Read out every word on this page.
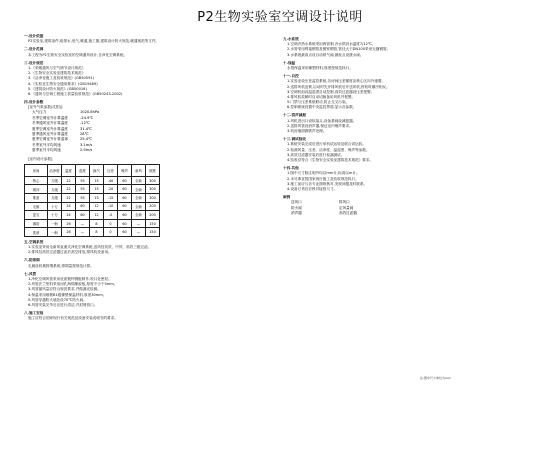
P2生物实验室空调设计说明
一.设计依据
P2实验室,建筑条件,给排水,电气,暖通,施工图,建筑设计防火规范,暖通规范等文件。
二.设计范围
本工程为P2生物安全实验室的空调通风设计,含净化空调系统。
三.设计规范
1.《采暖通风与空气调节设计规范》
2.《生物安全实验室建筑技术规范》
3.《洁净室施工及验收规范》(GB50591)
4.《实验室生物安全通用要求》(GB19489)
5.《建筑设计防火规范》(GB50016)
6.《通风与空调工程施工质量验收规范》(GB50243-2002)
四.设计参数
[室外气象参数(沈阳)]
大气压力	1020.8hPa
冬季空调室外计算温度	-24.9℃
冬季通风室外计算温度	-12℃
夏季空调室外计算温度	31.4℃
夏季通风室外计算温度	28℃
夏季空调室外计算湿球	25.4℃
冬季室外平均风速	3.1m/s
夏季室外平均风速	2.9m/s
[室内设计参数]
房间	洁净度	温度	湿度	换气	压差	噪声	新风	照度
核心	万级	22	55	15	-40	60	全新	300
缓冲	万级	22	55	15	-20	60	全新	300
准备	万级	22	55	15	-15	60	全新	300
走廊	十万	24	60	12	-10	60	全新	200
更衣	十万	24	60	12	-5	60	全新	200
淋浴	一般	26	—	8	0	60	—	150
洗消	一般	26	—	8	0	60	—	150
五.空调系统
1.实验室采用全新风直流式净化空调系统,送风经初效、中效、高效三级过滤。
2.排风经高效过滤器过滤后高空排放,排风机设备用。
六.防排烟
走廊设机械排烟系统,排烟量按规范计算。
七.风管
1.净化空调风管采用优质镀锌钢板制作,咬口处密封。
2.风管法兰垫料采用闭孔海绵橡胶板,厚度不小于5mm。
3.风管漏风量应符合规范要求,并做漏光检测。
4.保温采用难燃B1级橡塑保温材料,厚度30mm。
5.风管穿越防火墙处设70℃防火阀。
6.风管安装完毕后应进行清洁,并封堵管口。
八.施工安装
施工应符合国家现行有关规范及设备安装说明书的要求。
九.水系统
1.空调冷热水系统采用两管制,冷水供回水温度7/12℃。
2.水管采用焊接钢管及镀锌钢管,管径大于DN100采用无缝钢管。
3.水系统最高点设自动排气阀,最低点设泄水阀。
十.保温
水管保温采用橡塑材料,厚度按规范执行。
十一.自控
1.实验室设压差监控系统,各房间压差梯度由核心区向外递增。
2.送排风机连锁,启动时先开排风机后开送风机,停机时顺序相反。
3.空调机组设温湿度自动控制,高效过滤器设压差报警。
4.排风机故障时自动切换备用风机并报警。
5.门禁与压差系统联动,防止交叉污染。
6.控制系统设置中央监控界面,显示各参数。
十二.消声减振
1.风机进出口设软接头,设备基础设减振器。
2.送排风管设消声器,保证室内噪声要求。
3.机房墙面做吸声处理。
十三.调试验收
1.系统安装完成后进行单机试运转及联合试运转。
2.检测风量、压差、洁净度、温湿度、噪声等参数。
3.高效过滤器安装后进行检漏测试。
4.验收应符合《生物安全实验室建筑技术规范》要求。
十四.其他
1.图中尺寸除注明外均以mm计,标高以m计。
2.未尽事宜按国家现行施工及验收规范执行。
3.施工前应与各专业图纸核对,发现问题及时联系。
4.设备订货后应核对接管尺寸。
图例
送风口	排风口
防火阀	定风量阀
消声器	高效过滤器
注:图中尺寸单位为mm
